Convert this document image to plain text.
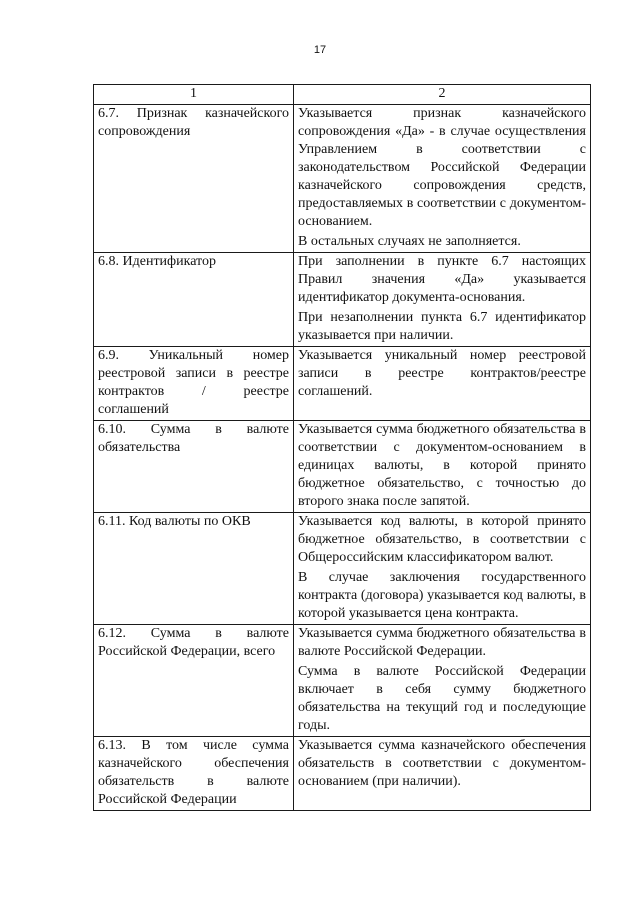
17
1	2

6.7. Признак казначейского сопровождения	Указывается признак казначейского сопровождения «Да» - в случае осуществления Управлением в соответствии с законодательством Российской Федерации казначейского сопровождения средств, предоставляемых в соответствии с документом-основанием.
В остальных случаях не заполняется.

6.8. Идентификатор	При заполнении в пункте 6.7 настоящих Правил значения «Да» указывается идентификатор документа-основания.
При незаполнении пункта 6.7 идентификатор указывается при наличии.

6.9. Уникальный номер реестровой записи в реестре контрактов / реестре соглашений	Указывается уникальный номер реестровой записи в реестре контрактов/реестре соглашений.

6.10. Сумма в валюте обязательства	Указывается сумма бюджетного обязательства в соответствии с документом-основанием в единицах валюты, в которой принято бюджетное обязательство, с точностью до второго знака после запятой.

6.11. Код валюты по ОКВ	Указывается код валюты, в которой принято бюджетное обязательство, в соответствии с Общероссийским классификатором валют.
В случае заключения государственного контракта (договора) указывается код валюты, в которой указывается цена контракта.

6.12. Сумма в валюте Российской Федерации, всего	Указывается сумма бюджетного обязательства в валюте Российской Федерации.
Сумма в валюте Российской Федерации включает в себя сумму бюджетного обязательства на текущий год и последующие годы.

6.13. В том числе сумма казначейского обеспечения обязательств в валюте Российской Федерации	Указывается сумма казначейского обеспечения обязательств в соответствии с документом-основанием (при наличии).
